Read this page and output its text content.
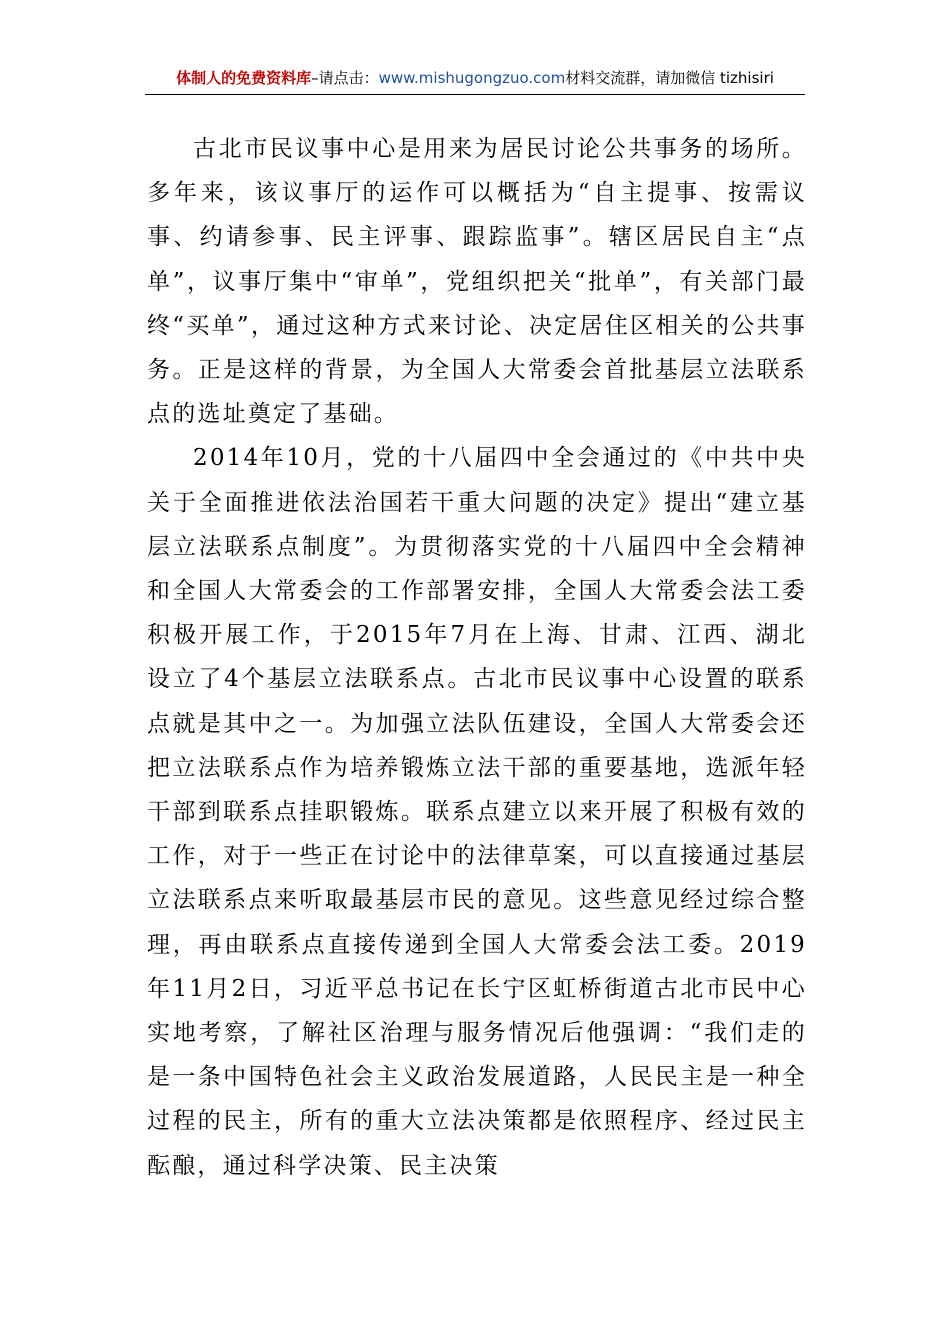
体制人的免费资料库–请点击：www.mishugongzuo.com材料交流群，请加微信 tizhisiri

古北市民议事中心是用来为居民讨论公共事务的场所。多年来，该议事厅的运作可以概括为“自主提事、按需议事、约请参事、民主评事、跟踪监事”。辖区居民自主“点单”，议事厅集中“审单”，党组织把关“批单”，有关部门最终“买单”，通过这种方式来讨论、决定居住区相关的公共事务。正是这样的背景，为全国人大常委会首批基层立法联系点的选址奠定了基础。

2014年10月，党的十八届四中全会通过的《中共中央关于全面推进依法治国若干重大问题的决定》提出“建立基层立法联系点制度”。为贯彻落实党的十八届四中全会精神和全国人大常委会的工作部署安排，全国人大常委会法工委积极开展工作，于2015年7月在上海、甘肃、江西、湖北设立了4个基层立法联系点。古北市民议事中心设置的联系点就是其中之一。为加强立法队伍建设，全国人大常委会还把立法联系点作为培养锻炼立法干部的重要基地，选派年轻干部到联系点挂职锻炼。联系点建立以来开展了积极有效的工作，对于一些正在讨论中的法律草案，可以直接通过基层立法联系点来听取最基层市民的意见。这些意见经过综合整理，再由联系点直接传递到全国人大常委会法工委。2019年11月2日，习近平总书记在长宁区虹桥街道古北市民中心实地考察，了解社区治理与服务情况后他强调：“我们走的是一条中国特色社会主义政治发展道路，人民民主是一种全过程的民主，所有的重大立法决策都是依照程序、经过民主酝酿，通过科学决策、民主决策
